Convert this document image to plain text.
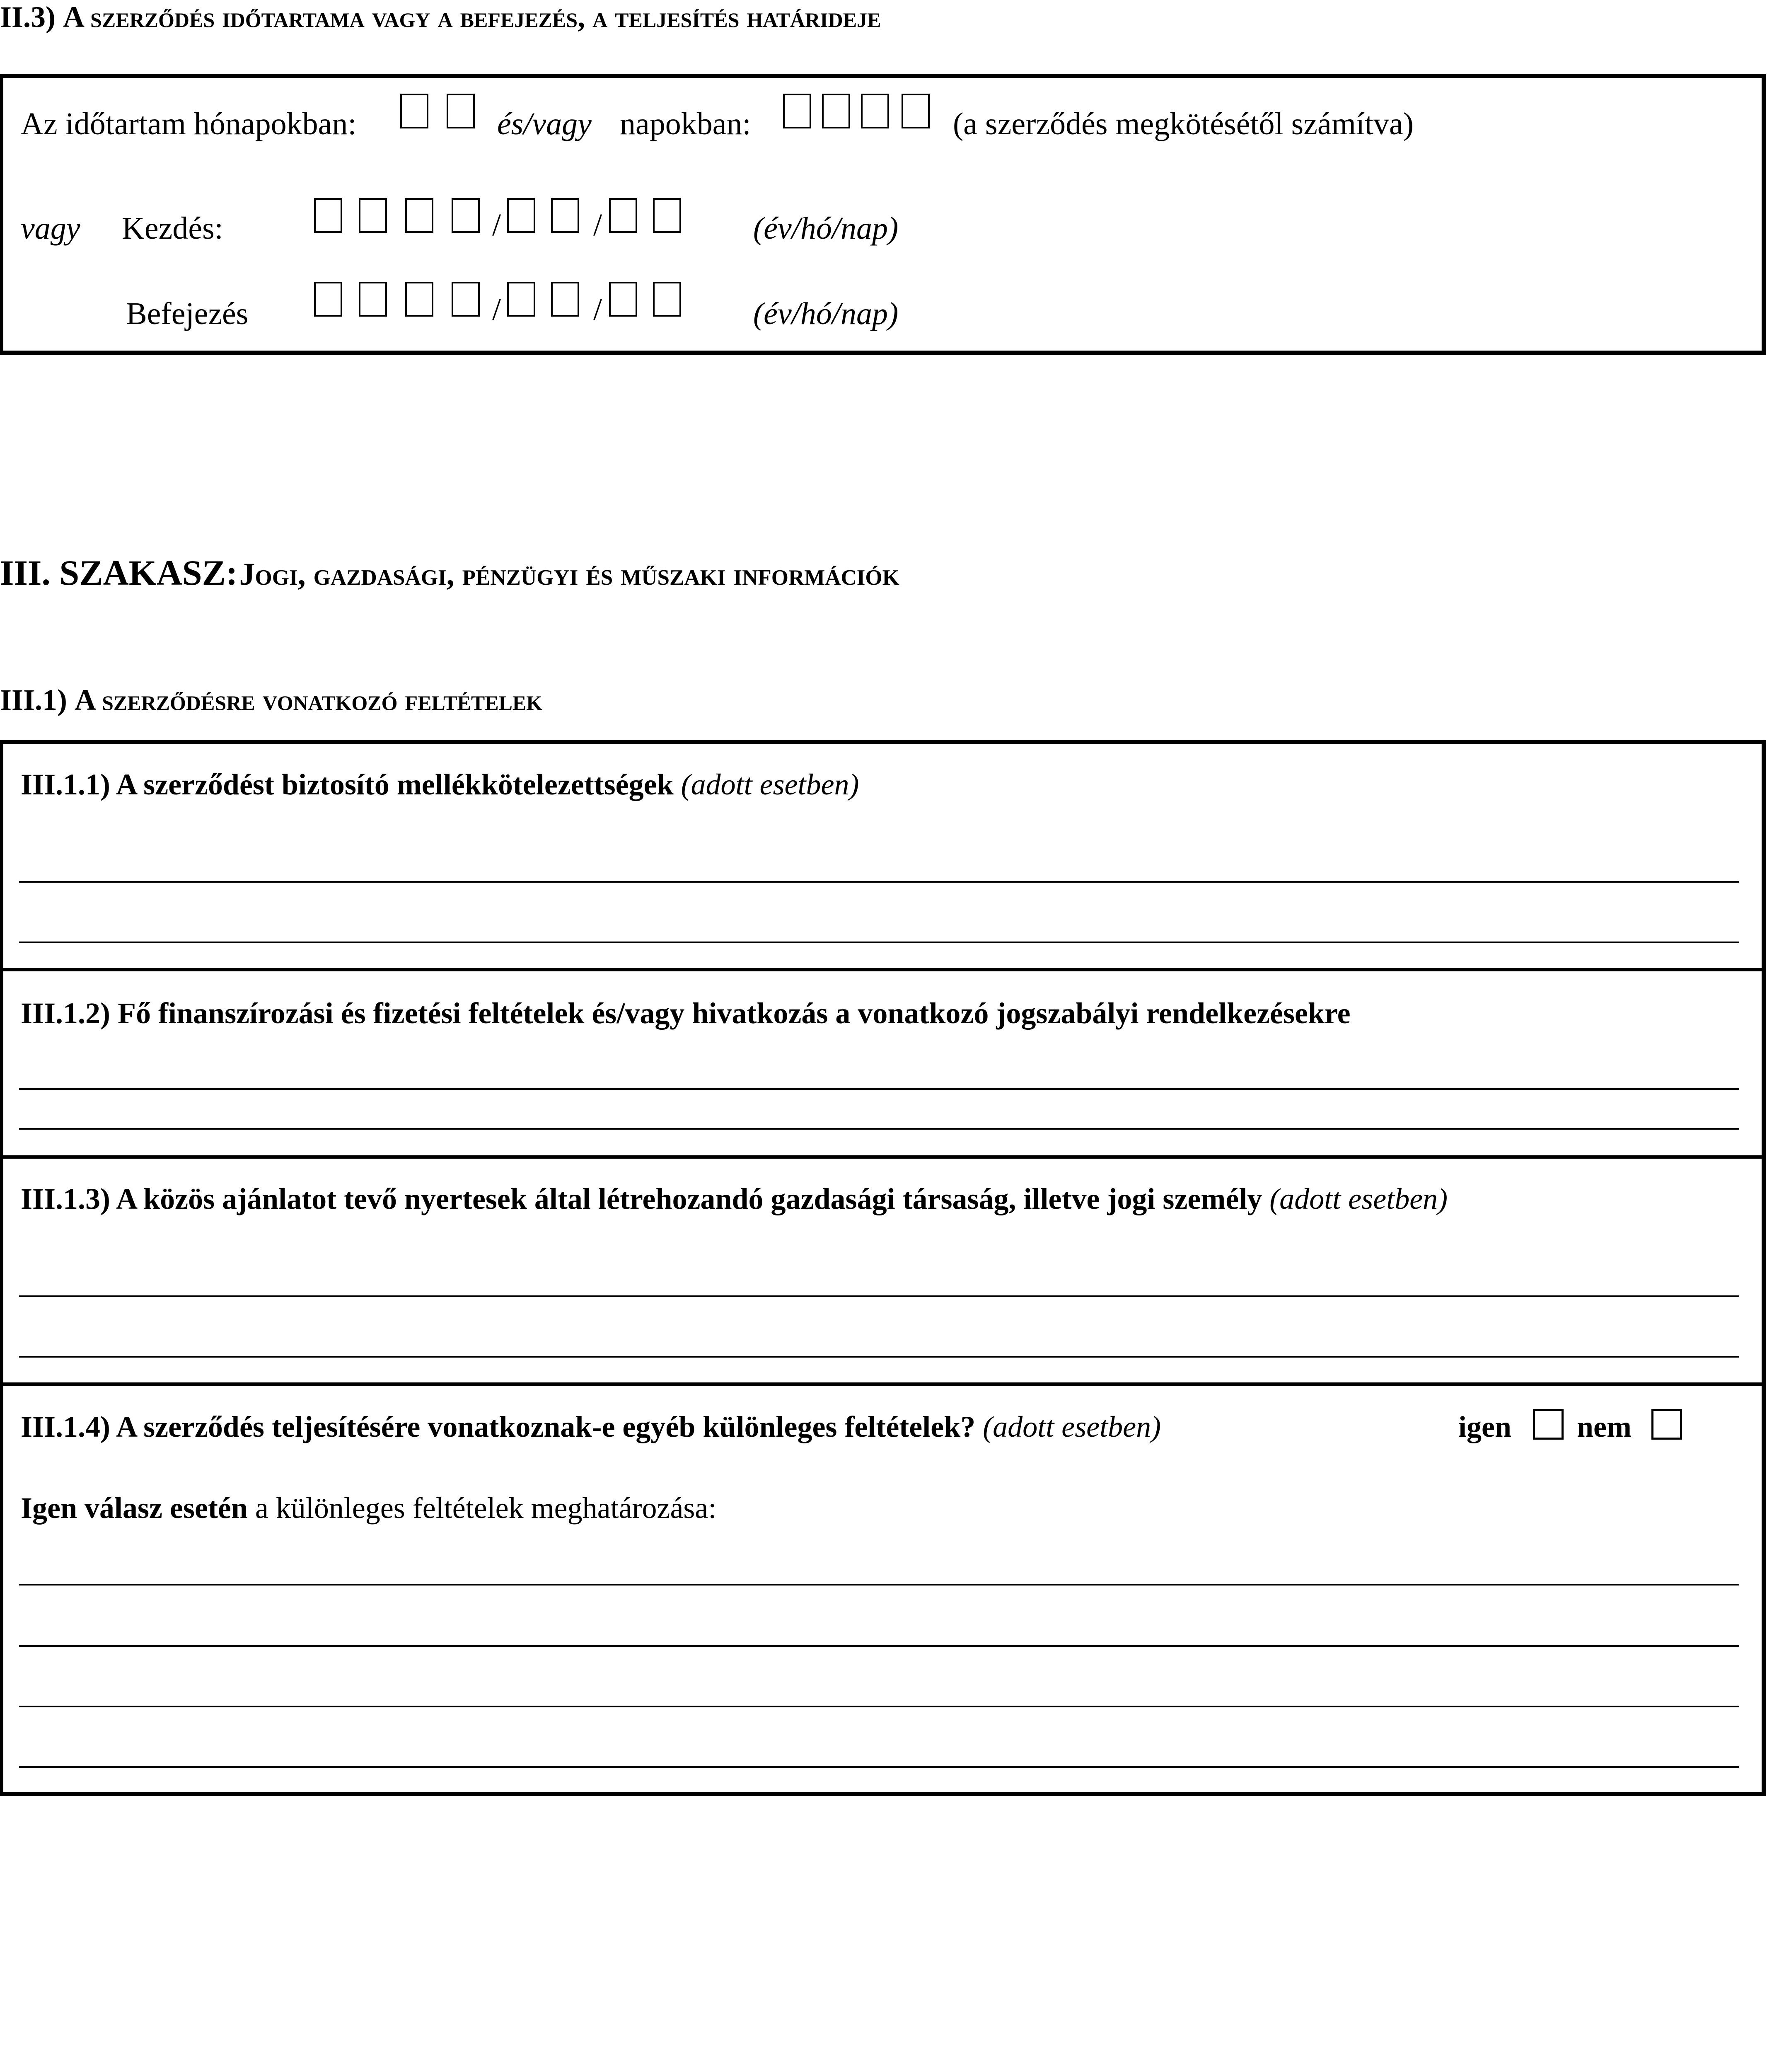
II.3) A szerződés időtartama vagy a befejezés, a teljesítés határideje
Az időtartam hónapokban:	és/vagy napokban:	(a szerződés megkötésétől számítva)
vagy Kezdés:	/	/	(év/hó/nap)
Befejezés	/	/	(év/hó/nap)
III. SZAKASZ: Jogi, gazdasági, pénzügyi és műszaki információk
III.1) A szerződésre vonatkozó feltételek
III.1.1) A szerződést biztosító mellékkötelezettségek (adott esetben)
III.1.2) Fő finanszírozási és fizetési feltételek és/vagy hivatkozás a vonatkozó jogszabályi rendelkezésekre
III.1.3) A közös ajánlatot tevő nyertesek által létrehozandó gazdasági társaság, illetve jogi személy (adott esetben)
III.1.4) A szerződés teljesítésére vonatkoznak-e egyéb különleges feltételek? (adott esetben)	igen nem
Igen válasz esetén a különleges feltételek meghatározása:
